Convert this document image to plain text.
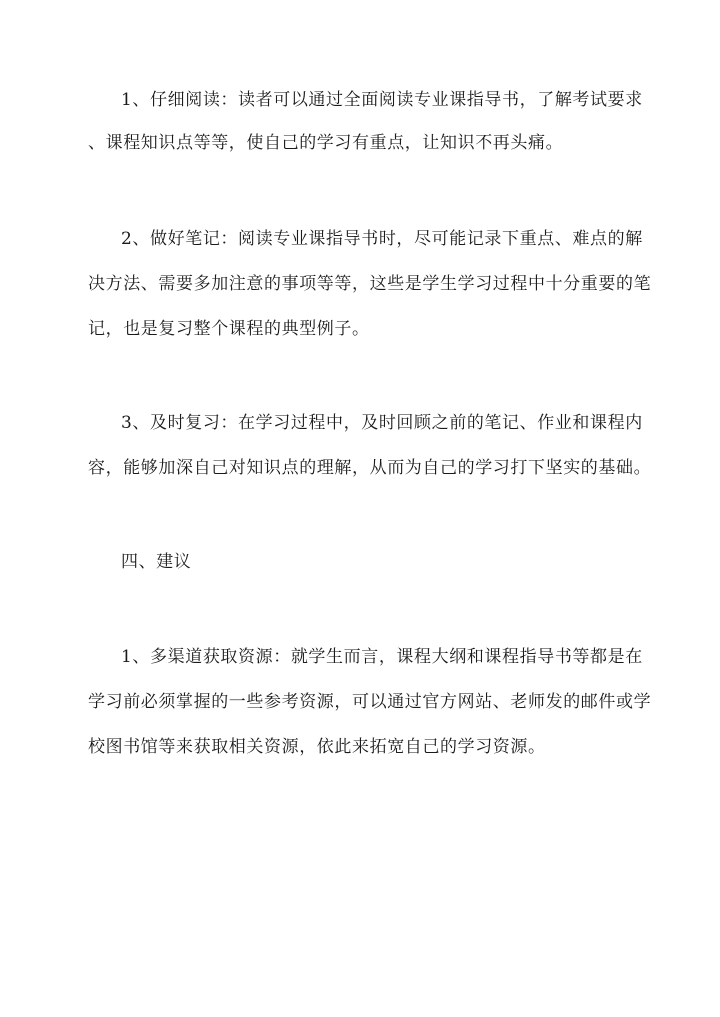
1、仔细阅读：读者可以通过全面阅读专业课指导书，了解考试要求
、课程知识点等等，使自己的学习有重点，让知识不再头痛。
2、做好笔记：阅读专业课指导书时，尽可能记录下重点、难点的解
决方法、需要多加注意的事项等等，这些是学生学习过程中十分重要的笔
记，也是复习整个课程的典型例子。
3、及时复习：在学习过程中，及时回顾之前的笔记、作业和课程内
容，能够加深自己对知识点的理解，从而为自己的学习打下坚实的基础。
四、建议
1、多渠道获取资源：就学生而言，课程大纲和课程指导书等都是在
学习前必须掌握的一些参考资源，可以通过官方网站、老师发的邮件或学
校图书馆等来获取相关资源，依此来拓宽自己的学习资源。
